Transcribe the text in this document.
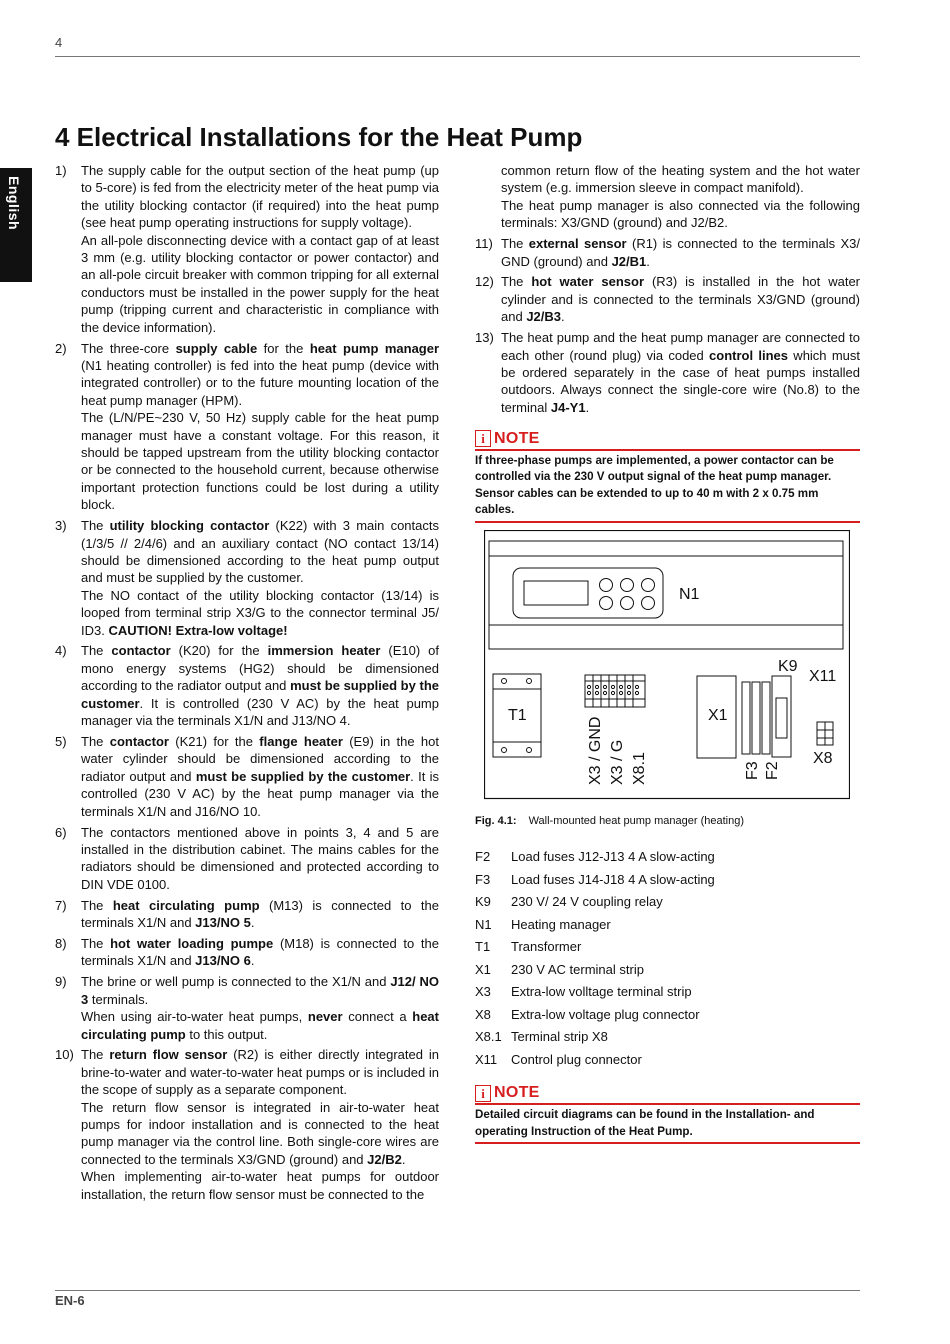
4
English
4 Electrical Installations for the Heat Pump
1) The supply cable for the output section of the heat pump (up to 5-core) is fed from the electricity meter of the heat pump via the utility blocking contactor (if required) into the heat pump (see heat pump operating instructions for supply voltage).

An all-pole disconnecting device with a contact gap of at least 3 mm (e.g. utility blocking contactor or power contactor) and an all-pole circuit breaker with common tripping for all external conductors must be installed in the power supply for the heat pump (tripping current and characteristic in compliance with the device information).

2) The three-core supply cable for the heat pump manager (N1 heating controller) is fed into the heat pump (device with integrated controller) or to the future mounting location of the heat pump manager (HPM).

The (L/N/PE~230 V, 50 Hz) supply cable for the heat pump manager must have a constant voltage. For this reason, it should be tapped upstream from the utility blocking contactor or be connected to the household current, because otherwise important protection functions could be lost during a utility block.

3) The utility blocking contactor (K22) with 3 main contacts (1/3/5 // 2/4/6) and an auxiliary contact (NO contact 13/14) should be dimensioned according to the heat pump output and must be supplied by the customer.

The NO contact of the utility blocking contactor (13/14) is looped from terminal strip X3/G to the connector terminal J5/ ID3. CAUTION! Extra-low voltage!

4) The contactor (K20) for the immersion heater (E10) of mono energy systems (HG2) should be dimensioned according to the radiator output and must be supplied by the customer. It is controlled (230 V AC) by the heat pump manager via the terminals X1/N and J13/NO 4.

5) The contactor (K21) for the flange heater (E9) in the hot water cylinder should be dimensioned according to the radiator output and must be supplied by the customer. It is controlled (230 V AC) by the heat pump manager via the terminals X1/N and J16/NO 10.

6) The contactors mentioned above in points 3, 4 and 5 are installed in the distribution cabinet. The mains cables for the radiators should be dimensioned and protected according to DIN VDE 0100.

7) The heat circulating pump (M13) is connected to the terminals X1/N and J13/NO 5.

8) The hot water loading pumpe (M18) is connected to the terminals X1/N and J13/NO 6.

9) The brine or well pump is connected to the X1/N and J12/ NO 3 terminals.

When using air-to-water heat pumps, never connect a heat circulating pump to this output.

10) The return flow sensor (R2) is either directly integrated in brine-to-water and water-to-water heat pumps or is included in the scope of supply as a separate component.

The return flow sensor is integrated in air-to-water heat pumps for indoor installation and is connected to the heat pump manager via the control line. Both single-core wires are connected to the terminals X3/GND (ground) and J2/B2.

When implementing air-to-water heat pumps for outdoor installation, the return flow sensor must be connected to the

common return flow of the heating system and the hot water system (e.g. immersion sleeve in compact manifold).

The heat pump manager is also connected via the following terminals: X3/GND (ground) and J2/B2.

11) The external sensor (R1) is connected to the terminals X3/ GND (ground) and J2/B1.

12) The hot water sensor (R3) is installed in the hot water cylinder and is connected to the terminals X3/GND (ground) and J2/B3.

13) The heat pump and the heat pump manager are connected to each other (round plug) via coded control lines which must be ordered separately in the case of heat pumps installed outdoors. Always connect the single-core wire (No.8) to the terminal J4-Y1.

i NOTE
If three-phase pumps are implemented, a power contactor can be controlled via the 230 V output signal of the heat pump manager.
Sensor cables can be extended to up to 40 m with 2 x 0.75 mm cables.
N1
T1
X3 / GND X3 / G X8.1
X1
F3 F2
K9
X11
X8
Fig. 4.1: Wall-mounted heat pump manager (heating)
F2	Load fuses J12-J13 4 A slow-acting
F3	Load fuses J14-J18 4 A slow-acting
K9	230 V/ 24 V coupling relay
N1	Heating manager
T1	Transformer
X1	230 V AC terminal strip
X3	Extra-low volltage terminal strip
X8	Extra-low voltage plug connector
X8.1 Terminal strip X8
X11	Control plug connector
i NOTE
Detailed circuit diagrams can be found in the Installation- and operating Instruction of the Heat Pump.
EN-6
